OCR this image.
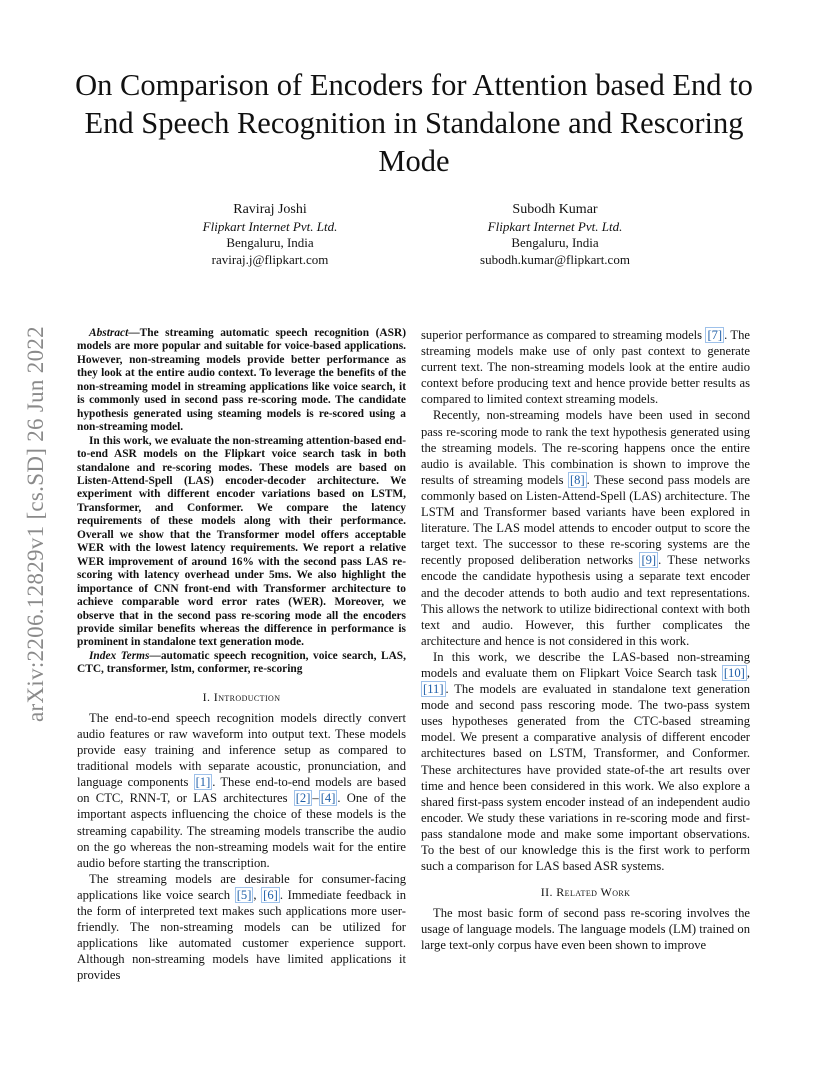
arXiv:2206.12829v1 [cs.SD] 26 Jun 2022
On Comparison of Encoders for Attention based End to End Speech Recognition in Standalone and Rescoring Mode
Raviraj Joshi
Flipkart Internet Pvt. Ltd.
Bengaluru, India
raviraj.j@flipkart.com
Subodh Kumar
Flipkart Internet Pvt. Ltd.
Bengaluru, India
subodh.kumar@flipkart.com

Abstract—The streaming automatic speech recognition (ASR) models are more popular and suitable for voice-based applications. However, non-streaming models provide better performance as they look at the entire audio context. To leverage the benefits of the non-streaming model in streaming applications like voice search, it is commonly used in second pass re-scoring mode. The candidate hypothesis generated using steaming models is re-scored using a non-streaming model.

In this work, we evaluate the non-streaming attention-based end-to-end ASR models on the Flipkart voice search task in both standalone and re-scoring modes. These models are based on Listen-Attend-Spell (LAS) encoder-decoder architecture. We experiment with different encoder variations based on LSTM, Transformer, and Conformer. We compare the latency requirements of these models along with their performance. Overall we show that the Transformer model offers acceptable WER with the lowest latency requirements. We report a relative WER improvement of around 16% with the second pass LAS re-scoring with latency overhead under 5ms. We also highlight the importance of CNN front-end with Transformer architecture to achieve comparable word error rates (WER). Moreover, we observe that in the second pass re-scoring mode all the encoders provide similar benefits whereas the difference in performance is prominent in standalone text generation mode.

Index Terms—automatic speech recognition, voice search, LAS, CTC, transformer, lstm, conformer, re-scoring

I. Introduction

The end-to-end speech recognition models directly convert audio features or raw waveform into output text. These models provide easy training and inference setup as compared to traditional models with separate acoustic, pronunciation, and language components [1] . These end-to-end models are based on CTC, RNN-T, or LAS architectures [2] – [4] . One of the important aspects influencing the choice of these models is the streaming capability. The streaming models transcribe the audio on the go whereas the non-streaming models wait for the entire audio before starting the transcription.

The streaming models are desirable for consumer-facing applications like voice search [5] , [6] . Immediate feedback in the form of interpreted text makes such applications more user-friendly. The non-streaming models can be utilized for applications like automated customer experience support. Although non-streaming models have limited applications it provides

superior performance as compared to streaming models [7] . The streaming models make use of only past context to generate current text. The non-streaming models look at the entire audio context before producing text and hence provide better results as compared to limited context streaming models.

Recently, non-streaming models have been used in second pass re-scoring mode to rank the text hypothesis generated using the streaming models. The re-scoring happens once the entire audio is available. This combination is shown to improve the results of streaming models [8] . These second pass models are commonly based on Listen-Attend-Spell (LAS) architecture. The LSTM and Transformer based variants have been explored in literature. The LAS model attends to encoder output to score the target text. The successor to these re-scoring systems are the recently proposed deliberation networks [9] . These networks encode the candidate hypothesis using a separate text encoder and the decoder attends to both audio and text representations. This allows the network to utilize bidirectional context with both text and audio. However, this further complicates the architecture and hence is not considered in this work.

In this work, we describe the LAS-based non-streaming models and evaluate them on Flipkart Voice Search task [10] , [11] . The models are evaluated in standalone text generation mode and second pass rescoring mode. The two-pass system uses hypotheses generated from the CTC-based streaming model. We present a comparative analysis of different encoder architectures based on LSTM, Transformer, and Conformer. These architectures have provided state-of-the art results over time and hence been considered in this work. We also explore a shared first-pass system encoder instead of an independent audio encoder. We study these variations in re-scoring mode and first-pass standalone mode and make some important observations. To the best of our knowledge this is the first work to perform such a comparison for LAS based ASR systems.

II. Related Work

The most basic form of second pass re-scoring involves the usage of language models. The language models (LM) trained on large text-only corpus have even been shown to improve
